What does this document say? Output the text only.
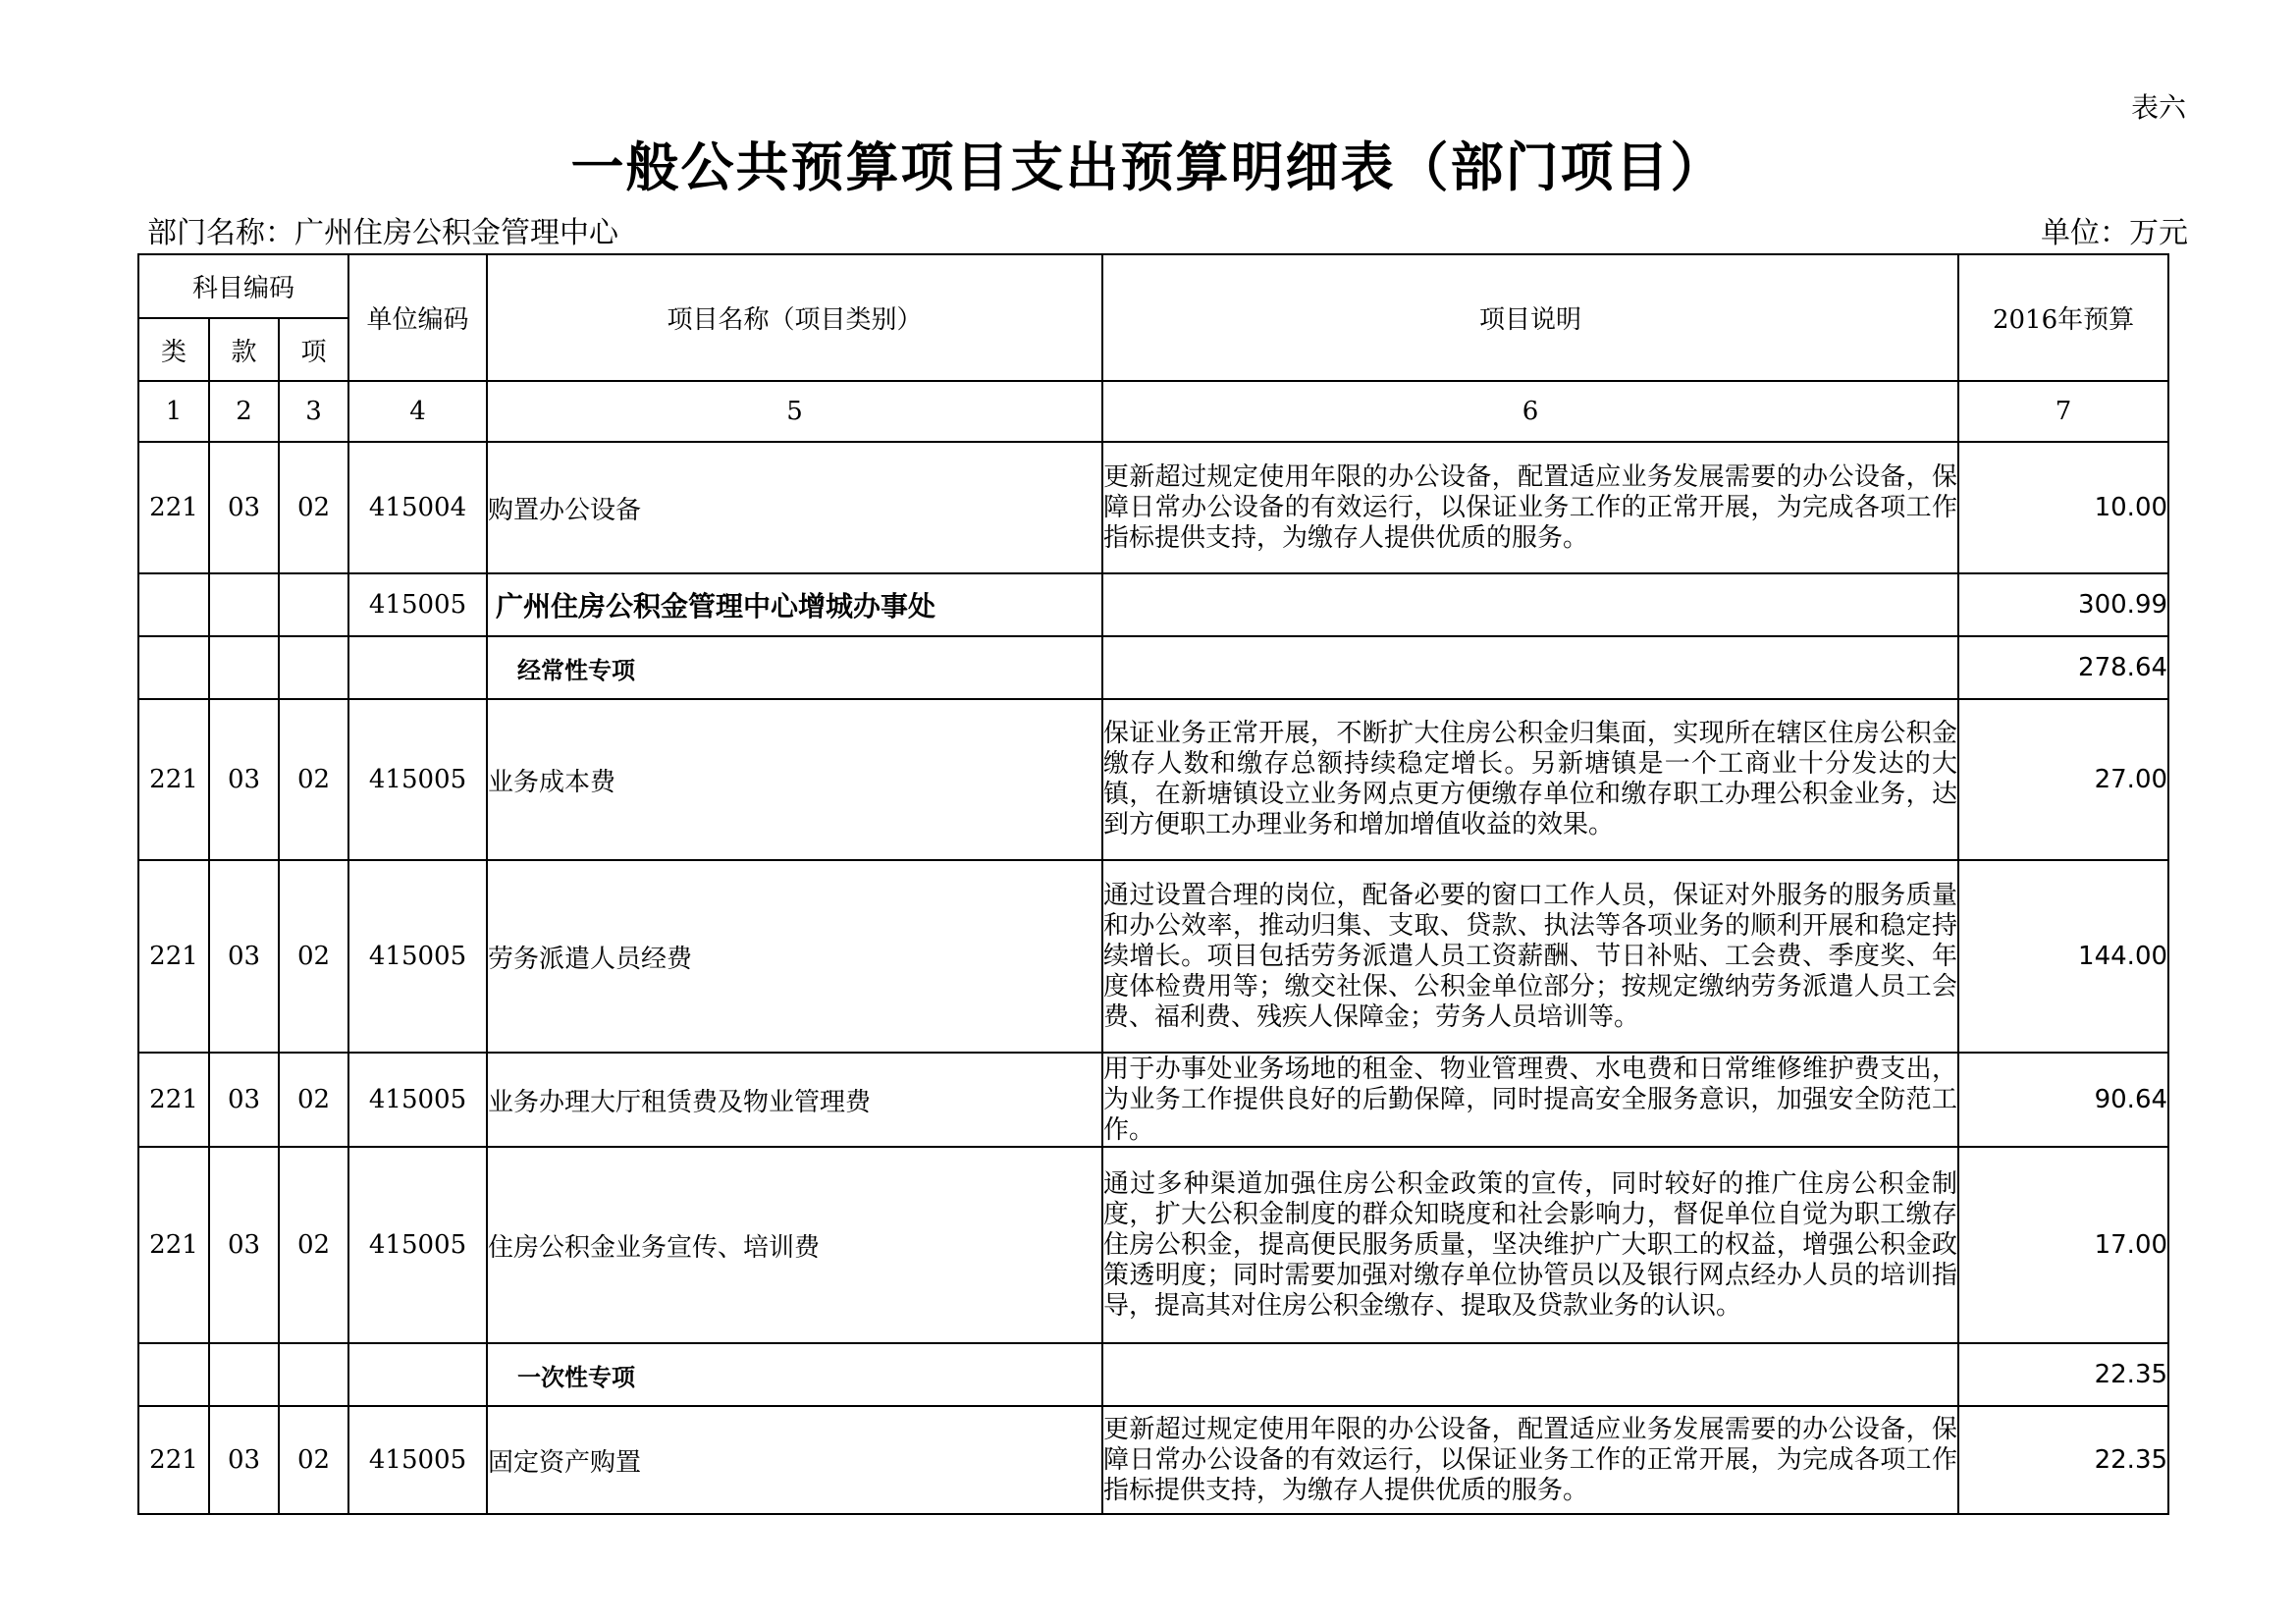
表六
一般公共预算项目支出预算明细表（部门项目）
部门名称：广州住房公积金管理中心	单位：万元
科目编码			单位编码	项目名称（项目类别）	项目说明	2016年预算
类	款	项				
1	2	3	4	5	6	7
221	03	02	415004	购置办公设备	更新超过规定使用年限的办公设备，配置适应业务发展需要的办公设备，保障日常办公设备的有效运行，以保证业务工作的正常开展，为完成各项工作指标提供支持，为缴存人提供优质的服务。	10.00
			415005	广州住房公积金管理中心增城办事处		300.99
				经常性专项		278.64
221	03	02	415005	业务成本费	保证业务正常开展，不断扩大住房公积金归集面，实现所在辖区住房公积金缴存人数和缴存总额持续稳定增长。另新塘镇是一个工商业十分发达的大镇，在新塘镇设立业务网点更方便缴存单位和缴存职工办理公积金业务，达到方便职工办理业务和增加增值收益的效果。	27.00
221	03	02	415005	劳务派遣人员经费	通过设置合理的岗位，配备必要的窗口工作人员，保证对外服务的服务质量和办公效率，推动归集、支取、贷款、执法等各项业务的顺利开展和稳定持续增长。项目包括劳务派遣人员工资薪酬、节日补贴、工会费、季度奖、年度体检费用等；缴交社保、公积金单位部分；按规定缴纳劳务派遣人员工会费、福利费、残疾人保障金；劳务人员培训等。	144.00
221	03	02	415005	业务办理大厅租赁费及物业管理费	用于办事处业务场地的租金、物业管理费、水电费和日常维修维护费支出，为业务工作提供良好的后勤保障，同时提高安全服务意识，加强安全防范工作。	90.64
221	03	02	415005	住房公积金业务宣传、培训费	通过多种渠道加强住房公积金政策的宣传，同时较好的推广住房公积金制度，扩大公积金制度的群众知晓度和社会影响力，督促单位自觉为职工缴存住房公积金，提高便民服务质量，坚决维护广大职工的权益，增强公积金政策透明度；同时需要加强对缴存单位协管员以及银行网点经办人员的培训指导，提高其对住房公积金缴存、提取及贷款业务的认识。	17.00
				一次性专项		22.35
221	03	02	415005	固定资产购置	更新超过规定使用年限的办公设备，配置适应业务发展需要的办公设备，保障日常办公设备的有效运行，以保证业务工作的正常开展，为完成各项工作指标提供支持，为缴存人提供优质的服务。	22.35
